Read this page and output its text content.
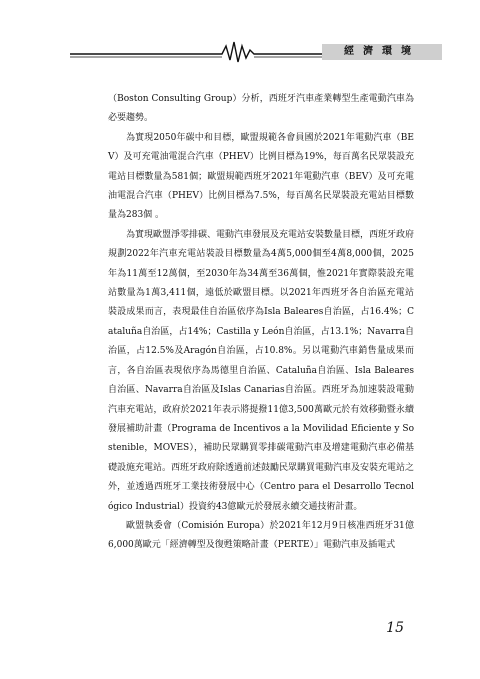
經濟環境

（Boston Consulting Group）分析，西班牙汽車產業轉型生產電動汽車為必要趨勢。

為實現2050年碳中和目標，歐盟規範各會員國於2021年電動汽車（BEV）及可充電油電混合汽車（PHEV）比例目標為19%，每百萬名民眾裝設充電站目標數量為581個；歐盟規範西班牙2021年電動汽車（BEV）及可充電油電混合汽車（PHEV）比例目標為7.5%，每百萬名民眾裝設充電站目標數量為283個 。

為實現歐盟淨零排碳、電動汽車發展及充電站安裝數量目標，西班牙政府規劃2022年汽車充電站裝設目標數量為4萬5,000個至4萬8,000個，2025年為11萬至12萬個，至2030年為34萬至36萬個，惟2021年實際裝設充電站數量為1萬3,411個，遠低於歐盟目標。以2021年西班牙各自治區充電站裝設成果而言，表現最佳自治區依序為Isla Baleares自治區，占16.4%；Cataluña自治區，占14%；Castilla y León自治區，占13.1%；Navarra自治區，占12.5%及Aragón自治區，占10.8%。另以電動汽車銷售量成果而言，各自治區表現依序為馬德里自治區、Cataluña自治區、Isla Baleares自治區、Navarra自治區及Islas Canarias自治區。西班牙為加速裝設電動汽車充電站，政府於2021年表示將提撥11億3,500萬歐元於有效移動暨永續發展補助計畫（Programa de Incentivos a la Movilidad Eficiente y Sostenible，MOVES），補助民眾購買零排碳電動汽車及增建電動汽車必備基礎設施充電站。西班牙政府除透過前述鼓勵民眾購買電動汽車及安裝充電站之外，並透過西班牙工業技術發展中心（Centro para el Desarrollo Tecnológico Industrial）投資約43億歐元於發展永續交通技術計畫。

歐盟執委會（Comisión Europa）於2021年12月9日核准西班牙31億6,000萬歐元「經濟轉型及復甦策略計畫（PERTE）」電動汽車及插電式

15
